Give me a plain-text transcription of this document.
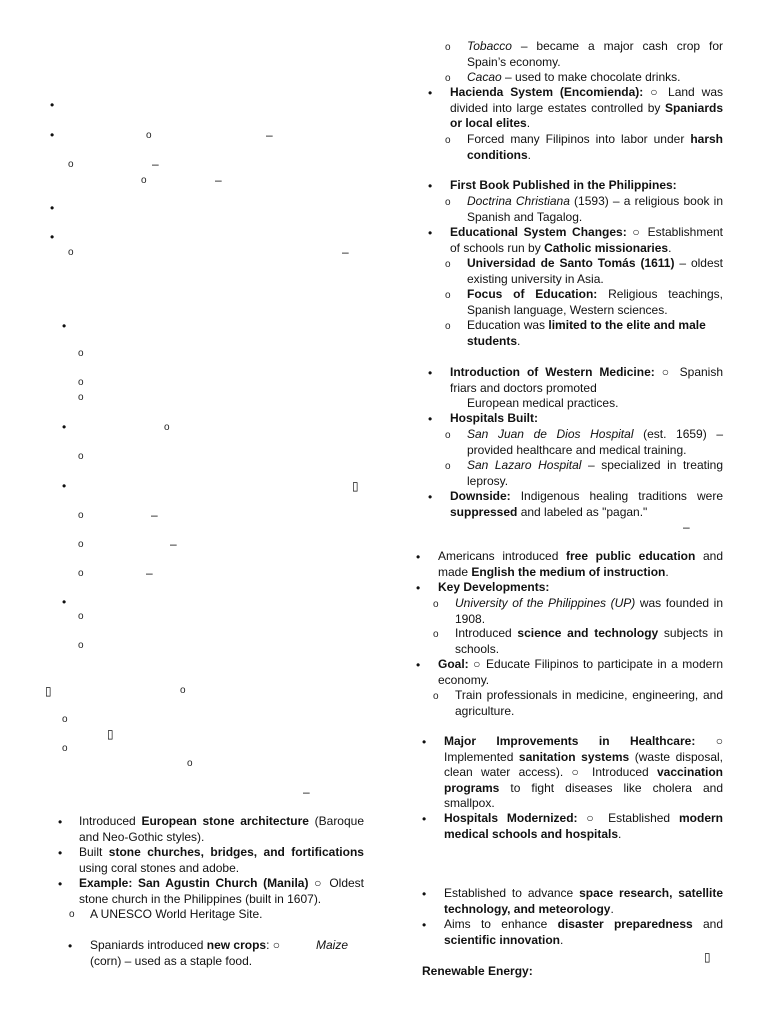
•
•	o	–
o	–
o	–
•
•
o	–
•
o
o
o
•	o
o
•	▯
o	–
o	–
o	–
•
o
o
▯	o
o
▯
o
o
–
• Introduced European stone architecture (Baroque and Neo-Gothic styles).
• Built stone churches, bridges, and fortifications using coral stones and adobe.
• Example: San Agustin Church (Manila) ○ Oldest stone church in the Philippines (built in 1607).
o A UNESCO World Heritage Site.
• Spaniards introduced new crops: ○	Maize
(corn) – used as a staple food.
o Tobacco – became a major cash crop for Spain’s economy.
o Cacao – used to make chocolate drinks.
• Hacienda System (Encomienda): ○ Land was divided into large estates controlled by Spaniards or local elites.
o Forced many Filipinos into labor under harsh conditions.
• First Book Published in the Philippines:
o Doctrina Christiana (1593) – a religious book in Spanish and Tagalog.
• Educational System Changes: ○ Establishment of schools run by Catholic missionaries.
o Universidad de Santo Tomás (1611) – oldest existing university in Asia.
o Focus of Education: Religious teachings, Spanish language, Western sciences.
o Education was limited to the elite and male students.
• Introduction of Western Medicine: ○ Spanish friars and doctors promoted
European medical practices.
• Hospitals Built:
o San Juan de Dios Hospital (est. 1659) – provided healthcare and medical training.
o San Lazaro Hospital – specialized in treating leprosy.
• Downside: Indigenous healing traditions were suppressed and labeled as "pagan."
–
• Americans introduced free public education and made English the medium of instruction.
• Key Developments:
o University of the Philippines (UP) was founded in 1908.
o Introduced science and technology subjects in schools.
• Goal: ○ Educate Filipinos to participate in a modern economy.
o Train professionals in medicine, engineering, and agriculture.
• Major Improvements in Healthcare: ○ Implemented sanitation systems (waste disposal, clean water access). ○ Introduced vaccination programs to fight diseases like cholera and smallpox.
• Hospitals Modernized: ○ Established modern medical schools and hospitals.
• Established to advance space research, satellite technology, and meteorology.
• Aims to enhance disaster preparedness and scientific innovation.
▯
Renewable Energy:
